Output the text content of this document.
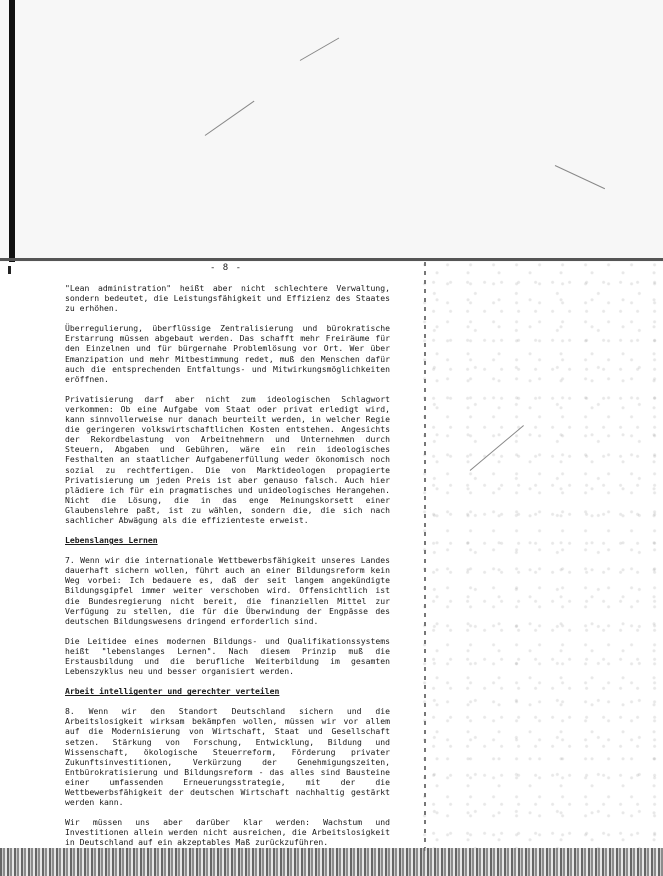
- 8 -

"Lean administration" heißt aber nicht schlechtere Verwaltung, sondern bedeutet, die Leistungsfähigkeit und Effizienz des Staates zu erhöhen.

Überregulierung, überflüssige Zentralisierung und bürokratische Erstarrung müssen abgebaut werden. Das schafft mehr Freiräume für den Einzelnen und für bürgernahe Problemlösung vor Ort. Wer über Emanzipation und mehr Mitbestimmung redet, muß den Menschen dafür auch die entsprechenden Entfaltungs- und Mitwirkungsmöglichkeiten eröffnen.

Privatisierung darf aber nicht zum ideologischen Schlagwort verkommen: Ob eine Aufgabe vom Staat oder privat erledigt wird, kann sinnvollerweise nur danach beurteilt werden, in welcher Regie die geringeren volkswirtschaftlichen Kosten entstehen. Angesichts der Rekordbelastung von Arbeitnehmern und Unternehmen durch Steuern, Abgaben und Gebühren, wäre ein rein ideologisches Festhalten an staatlicher Aufgabenerfüllung weder ökonomisch noch sozial zu rechtfertigen. Die von Marktideologen propagierte Privatisierung um jeden Preis ist aber genauso falsch. Auch hier plädiere ich für ein pragmatisches und unideologisches Herangehen. Nicht die Lösung, die in das enge Meinungskorsett einer Glaubenslehre paßt, ist zu wählen, sondern die, die sich nach sachlicher Abwägung als die effizienteste erweist.

Lebenslanges Lernen

7. Wenn wir die internationale Wettbewerbsfähigkeit unseres Landes dauerhaft sichern wollen, führt auch an einer Bildungsreform kein Weg vorbei: Ich bedauere es, daß der seit langem angekündigte Bildungsgipfel immer weiter verschoben wird. Offensichtlich ist die Bundesregierung nicht bereit, die finanziellen Mittel zur Verfügung zu stellen, die für die Überwindung der Engpässe des deutschen Bildungswesens dringend erforderlich sind.

Die Leitidee eines modernen Bildungs- und Qualifikationssystems heißt "lebenslanges Lernen". Nach diesem Prinzip muß die Erstausbildung und die berufliche Weiterbildung im gesamten Lebenszyklus neu und besser organisiert werden.

Arbeit intelligenter und gerechter verteilen

8. Wenn wir den Standort Deutschland sichern und die Arbeitslosigkeit wirksam bekämpfen wollen, müssen wir vor allem auf die Modernisierung von Wirtschaft, Staat und Gesellschaft setzen. Stärkung von Forschung, Entwicklung, Bildung und Wissenschaft, ökologische Steuerreform, Förderung privater Zukunftsinvestitionen, Verkürzung der Genehmigungszeiten, Entbürokratisierung und Bildungsreform - das alles sind Bausteine einer umfassenden Erneuerungsstrategie, mit der die Wettbewerbsfähigkeit der deutschen Wirtschaft nachhaltig gestärkt werden kann.

Wir müssen uns aber darüber klar werden: Wachstum und Investitionen allein werden nicht ausreichen, die Arbeitslosigkeit in Deutschland auf ein akzeptables Maß zurückzuführen.
